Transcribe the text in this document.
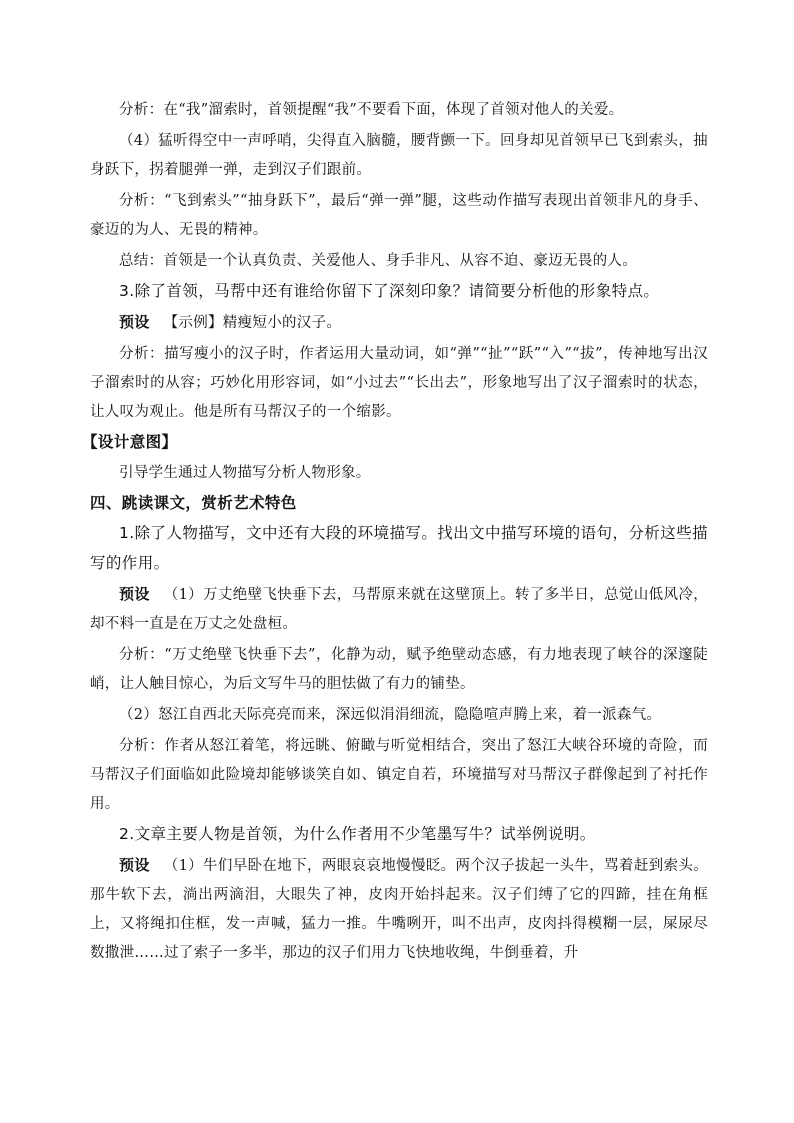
分析：在“我”溜索时，首领提醒“我”不要看下面，体现了首领对他人的关爱。

（4）猛听得空中一声呼哨，尖得直入脑髓，腰背颤一下。回身却见首领早已飞到索头，抽身跃下，拐着腿弹一弹，走到汉子们跟前。

分析：“飞到索头”“抽身跃下”，最后“弹一弹”腿，这些动作描写表现出首领非凡的身手、豪迈的为人、无畏的精神。

总结：首领是一个认真负责、关爱他人、身手非凡、从容不迫、豪迈无畏的人。

3.除了首领，马帮中还有谁给你留下了深刻印象？请简要分析他的形象特点。

预设 【示例】精瘦短小的汉子。

分析：描写瘦小的汉子时，作者运用大量动词，如“弹”“扯”“跃”“入”“拔”，传神地写出汉子溜索时的从容；巧妙化用形容词，如“小过去”“长出去”，形象地写出了汉子溜索时的状态，让人叹为观止。他是所有马帮汉子的一个缩影。

【设计意图】

引导学生通过人物描写分析人物形象。

四、跳读课文，赏析艺术特色

1.除了人物描写，文中还有大段的环境描写。找出文中描写环境的语句，分析这些描写的作用。

预设 （1）万丈绝壁飞快垂下去，马帮原来就在这壁顶上。转了多半日，总觉山低风冷，却不料一直是在万丈之处盘桓。

分析：“万丈绝壁飞快垂下去”，化静为动，赋予绝壁动态感，有力地表现了峡谷的深邃陡峭，让人触目惊心，为后文写牛马的胆怯做了有力的铺垫。

（2）怒江自西北天际亮亮而来，深远似涓涓细流，隐隐喧声腾上来，着一派森气。

分析：作者从怒江着笔，将远眺、俯瞰与听觉相结合，突出了怒江大峡谷环境的奇险，而马帮汉子们面临如此险境却能够谈笑自如、镇定自若，环境描写对马帮汉子群像起到了衬托作用。

2.文章主要人物是首领，为什么作者用不少笔墨写牛？试举例说明。

预设 （1）牛们早卧在地下，两眼哀哀地慢慢眨。两个汉子拔起一头牛，骂着赶到索头。那牛软下去，淌出两滴泪，大眼失了神，皮肉开始抖起来。汉子们缚了它的四蹄，挂在角框上，又将绳扣住框，发一声喊，猛力一推。牛嘴咧开，叫不出声，皮肉抖得模糊一层，屎尿尽数撒泄……过了索子一多半，那边的汉子们用力飞快地收绳，牛倒垂着，升
